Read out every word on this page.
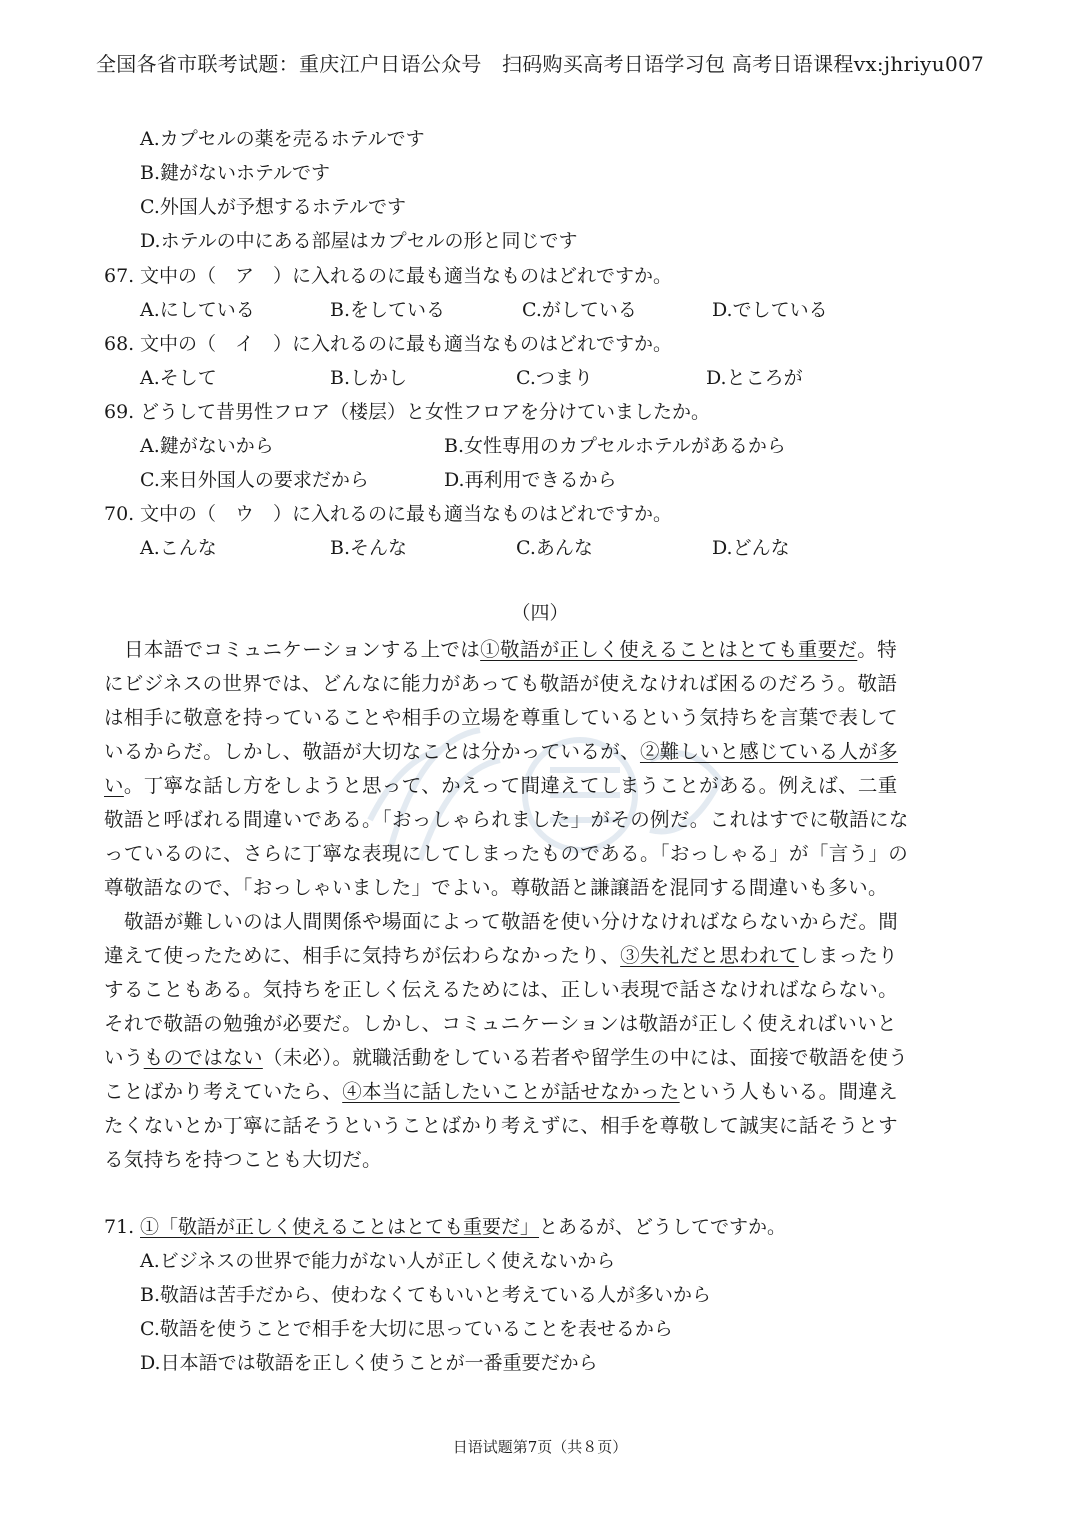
全国各省市联考试题：重庆江户日语公众号　扫码购买高考日语学习包 高考日语课程vx:jhriyu007
A.カプセルの薬を売るホテルです
B.鍵がないホテルです
C.外国人が予想するホテルです
D.ホテルの中にある部屋はカプセルの形と同じです
67. 文中の（　ア　）に入れるのに最も適当なものはどれですか。
A.にしている	B.をしている	C.がしている	D.でしている
68. 文中の（　イ　）に入れるのに最も適当なものはどれですか。
A.そして	B.しかし	C.つまり	D.ところが
69. どうして昔男性フロア（楼层）と女性フロアを分けていましたか。
A.鍵がないから	B.女性専用のカプセルホテルがあるから
C.来日外国人の要求だから	D.再利用できるから
70. 文中の（　ウ　）に入れるのに最も適当なものはどれですか。
A.こんな	B.そんな	C.あんな	D.どんな
（四）
日本語でコミュニケーションする上では①敬語が正しく使えることはとても重要だ。特
にビジネスの世界では、どんなに能力があっても敬語が使えなければ困るのだろう。敬語
は相手に敬意を持っていることや相手の立場を尊重しているという気持ちを言葉で表して
いるからだ。しかし、敬語が大切なことは分かっているが、②難しいと感じている人が多
い。丁寧な話し方をしようと思って、かえって間違えてしまうことがある。例えば、二重
敬語と呼ばれる間違いである。「おっしゃられました」がその例だ。これはすでに敬語にな
っているのに、さらに丁寧な表現にしてしまったものである。「おっしゃる」が「言う」の
尊敬語なので、「おっしゃいました」でよい。尊敬語と謙譲語を混同する間違いも多い。
敬語が難しいのは人間関係や場面によって敬語を使い分けなければならないからだ。間
違えて使ったために、相手に気持ちが伝わらなかったり、③失礼だと思われてしまったり
することもある。気持ちを正しく伝えるためには、正しい表現で話さなければならない。
それで敬語の勉強が必要だ。しかし、コミュニケーションは敬語が正しく使えればいいと
いうものではない（未必）。就職活動をしている若者や留学生の中には、面接で敬語を使う
ことばかり考えていたら、④本当に話したいことが話せなかったという人もいる。間違え
たくないとか丁寧に話そうということばかり考えずに、相手を尊敬して誠実に話そうとす
る気持ちを持つことも大切だ。
71. ①「敬語が正しく使えることはとても重要だ」とあるが、どうしてですか。
A.ビジネスの世界で能力がない人が正しく使えないから
B.敬語は苦手だから、使わなくてもいいと考えている人が多いから
C.敬語を使うことで相手を大切に思っていることを表せるから
D.日本語では敬語を正しく使うことが一番重要だから
日语试题第7页（共８页）
